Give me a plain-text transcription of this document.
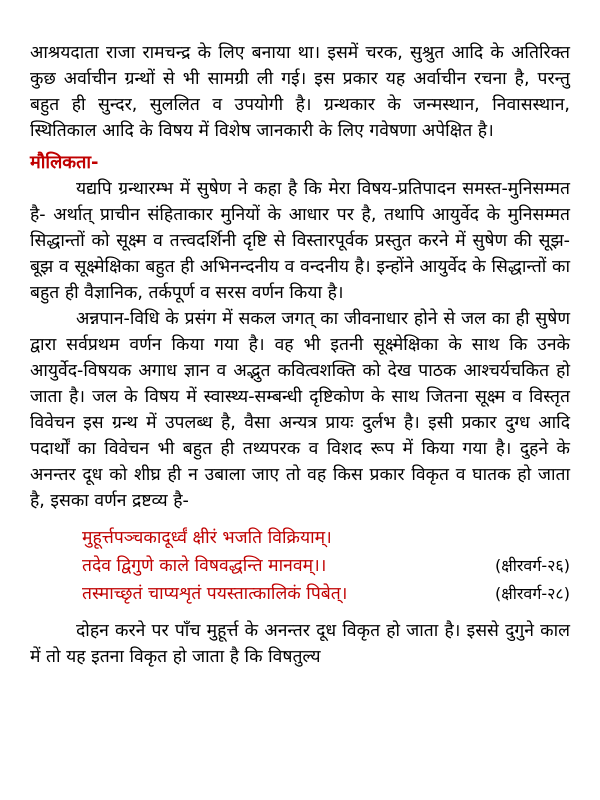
आश्रयदाता राजा रामचन्द्र के लिए बनाया था। इसमें चरक, सुश्रुत आदि के अतिरिक्त कुछ अर्वाचीन ग्रन्थों से भी सामग्री ली गई। इस प्रकार यह अर्वाचीन रचना है, परन्तु बहुत ही सुन्दर, सुललित व उपयोगी है। ग्रन्थकार के जन्मस्थान, निवासस्थान, स्थितिकाल आदि के विषय में विशेष जानकारी के लिए गवेषणा अपेक्षित है।

मौलिकता-

यद्यपि ग्रन्थारम्भ में सुषेण ने कहा है कि मेरा विषय-प्रतिपादन समस्त-मुनिसम्मत है- अर्थात् प्राचीन संहिताकार मुनियों के आधार पर है, तथापि आयुर्वेद के मुनिसम्मत सिद्धान्तों को सूक्ष्म व तत्त्वदर्शिनी दृष्टि से विस्तारपूर्वक प्रस्तुत करने में सुषेण की सूझ-बूझ व सूक्ष्मेक्षिका बहुत ही अभिनन्दनीय व वन्दनीय है। इन्होंने आयुर्वेद के सिद्धान्तों का बहुत ही वैज्ञानिक, तर्कपूर्ण व सरस वर्णन किया है।

अन्नपान-विधि के प्रसंग में सकल जगत् का जीवनाधार होने से जल का ही सुषेण द्वारा सर्वप्रथम वर्णन किया गया है। वह भी इतनी सूक्ष्मेक्षिका के साथ कि उनके आयुर्वेद-विषयक अगाध ज्ञान व अद्भुत कवित्वशक्ति को देख पाठक आश्चर्यचकित हो जाता है। जल के विषय में स्वास्थ्य-सम्बन्धी दृष्टिकोण के साथ जितना सूक्ष्म व विस्तृत विवेचन इस ग्रन्थ में उपलब्ध है, वैसा अन्यत्र प्रायः दुर्लभ है। इसी प्रकार दुग्ध आदि पदार्थों का विवेचन भी बहुत ही तथ्यपरक व विशद रूप में किया गया है। दुहने के अनन्तर दूध को शीघ्र ही न उबाला जाए तो वह किस प्रकार विकृत व घातक हो जाता है, इसका वर्णन द्रष्टव्य है-

मुहूर्त्तपञ्चकादूर्ध्वं क्षीरं भजति विक्रियाम्।
तदेव द्विगुणे काले विषवद्धन्ति मानवम्।।	(क्षीरवर्ग-२६)
तस्माच्छृतं चाप्यशृतं पयस्तात्कालिकं पिबेत्।	(क्षीरवर्ग-२८)

दोहन करने पर पाँच मुहूर्त्त के अनन्तर दूध विकृत हो जाता है। इससे दुगुने काल में तो यह इतना विकृत हो जाता है कि विषतुल्य
